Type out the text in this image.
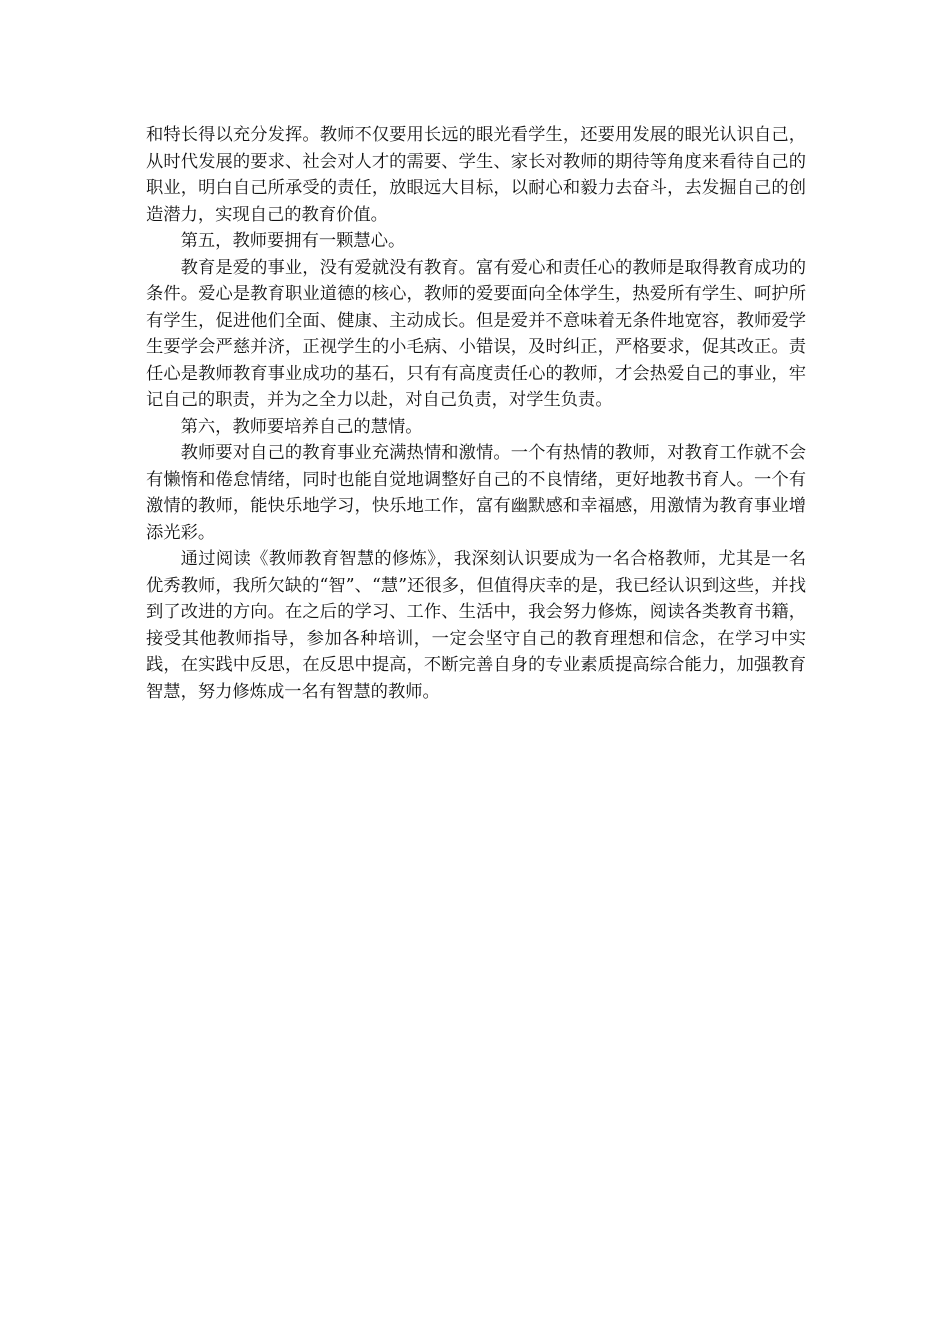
和特长得以充分发挥。教师不仅要用长远的眼光看学生，还要用发展的眼光认识自己，从时代发展的要求、社会对人才的需要、学生、家长对教师的期待等角度来看待自己的职业，明白自己所承受的责任，放眼远大目标，以耐心和毅力去奋斗，去发掘自己的创造潜力，实现自己的教育价值。

第五，教师要拥有一颗慧心。

教育是爱的事业，没有爱就没有教育。富有爱心和责任心的教师是取得教育成功的条件。爱心是教育职业道德的核心，教师的爱要面向全体学生，热爱所有学生、呵护所有学生，促进他们全面、健康、主动成长。但是爱并不意味着无条件地宽容，教师爱学生要学会严慈并济，正视学生的小毛病、小错误，及时纠正，严格要求，促其改正。责任心是教师教育事业成功的基石，只有有高度责任心的教师，才会热爱自己的事业，牢记自己的职责，并为之全力以赴，对自己负责，对学生负责。

第六，教师要培养自己的慧情。

教师要对自己的教育事业充满热情和激情。一个有热情的教师，对教育工作就不会有懒惰和倦怠情绪，同时也能自觉地调整好自己的不良情绪，更好地教书育人。一个有激情的教师，能快乐地学习，快乐地工作，富有幽默感和幸福感，用激情为教育事业增添光彩。

通过阅读《教师教育智慧的修炼》，我深刻认识要成为一名合格教师，尤其是一名优秀教师，我所欠缺的“智”、“慧”还很多，但值得庆幸的是，我已经认识到这些，并找到了改进的方向。在之后的学习、工作、生活中，我会努力修炼，阅读各类教育书籍，接受其他教师指导，参加各种培训，一定会坚守自己的教育理想和信念，在学习中实践，在实践中反思，在反思中提高，不断完善自身的专业素质提高综合能力，加强教育智慧，努力修炼成一名有智慧的教师。
